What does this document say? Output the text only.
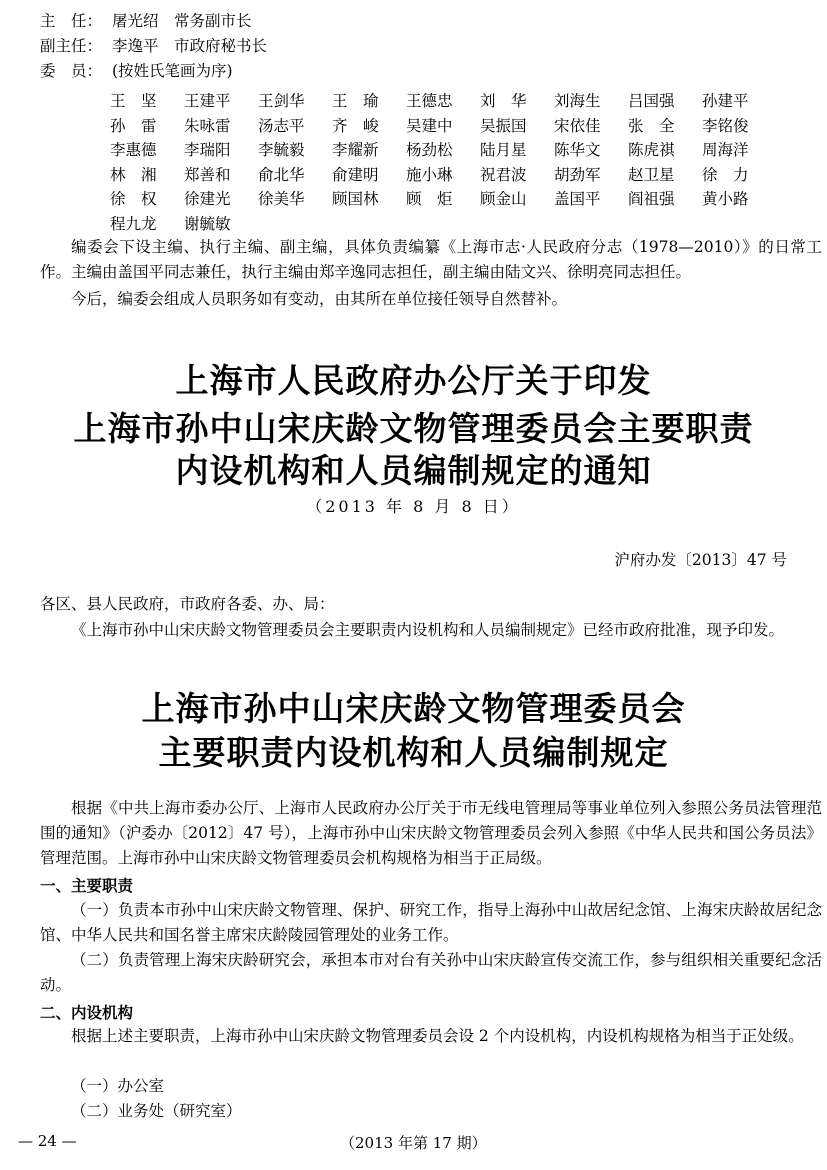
主　任： 屠光绍　常务副市长
副主任： 李逸平　市政府秘书长
委　员： (按姓氏笔画为序)
王　坚	王建平	王剑华	王　瑜	王德忠	刘　华	刘海生	吕国强	孙建平
孙　雷	朱咏雷	汤志平	齐　峻	吴建中	吴振国	宋依佳	张　全	李铭俊
李惠德	李瑞阳	李毓毅	李耀新	杨劲松	陆月星	陈华文	陈虎祺	周海洋
林　湘	郑善和	俞北华	俞建明	施小琳	祝君波	胡劲军	赵卫星	徐　力
徐　权	徐建光	徐美华	顾国林	顾　炬	顾金山	盖国平	阎祖强	黄小路
程九龙	谢毓敏
编委会下设主编、执行主编、副主编，具体负责编纂《上海市志·人民政府分志（1978—2010）》的日常工作。主编由盖国平同志兼任，执行主编由郑辛逸同志担任，副主编由陆文兴、徐明亮同志担任。
今后，编委会组成人员职务如有变动，由其所在单位接任领导自然替补。
上海市人民政府办公厅关于印发
上海市孙中山宋庆龄文物管理委员会主要职责
内设机构和人员编制规定的通知
（2013 年 8 月 8 日）
沪府办发〔2013〕47 号
各区、县人民政府，市政府各委、办、局：
《上海市孙中山宋庆龄文物管理委员会主要职责内设机构和人员编制规定》已经市政府批准，现予印发。
上海市孙中山宋庆龄文物管理委员会
主要职责内设机构和人员编制规定
根据《中共上海市委办公厅、上海市人民政府办公厅关于市无线电管理局等事业单位列入参照公务员法管理范围的通知》（沪委办〔2012〕47 号），上海市孙中山宋庆龄文物管理委员会列入参照《中华人民共和国公务员法》管理范围。上海市孙中山宋庆龄文物管理委员会机构规格为相当于正局级。
一、主要职责
（一）负责本市孙中山宋庆龄文物管理、保护、研究工作，指导上海孙中山故居纪念馆、上海宋庆龄故居纪念馆、中华人民共和国名誉主席宋庆龄陵园管理处的业务工作。
（二）负责管理上海宋庆龄研究会，承担本市对台有关孙中山宋庆龄宣传交流工作，参与组织相关重要纪念活动。
二、内设机构
根据上述主要职责，上海市孙中山宋庆龄文物管理委员会设 2 个内设机构，内设机构规格为相当于正处级。
（一）办公室
（二）业务处（研究室）
— 24 —	（2013 年第 17 期）
